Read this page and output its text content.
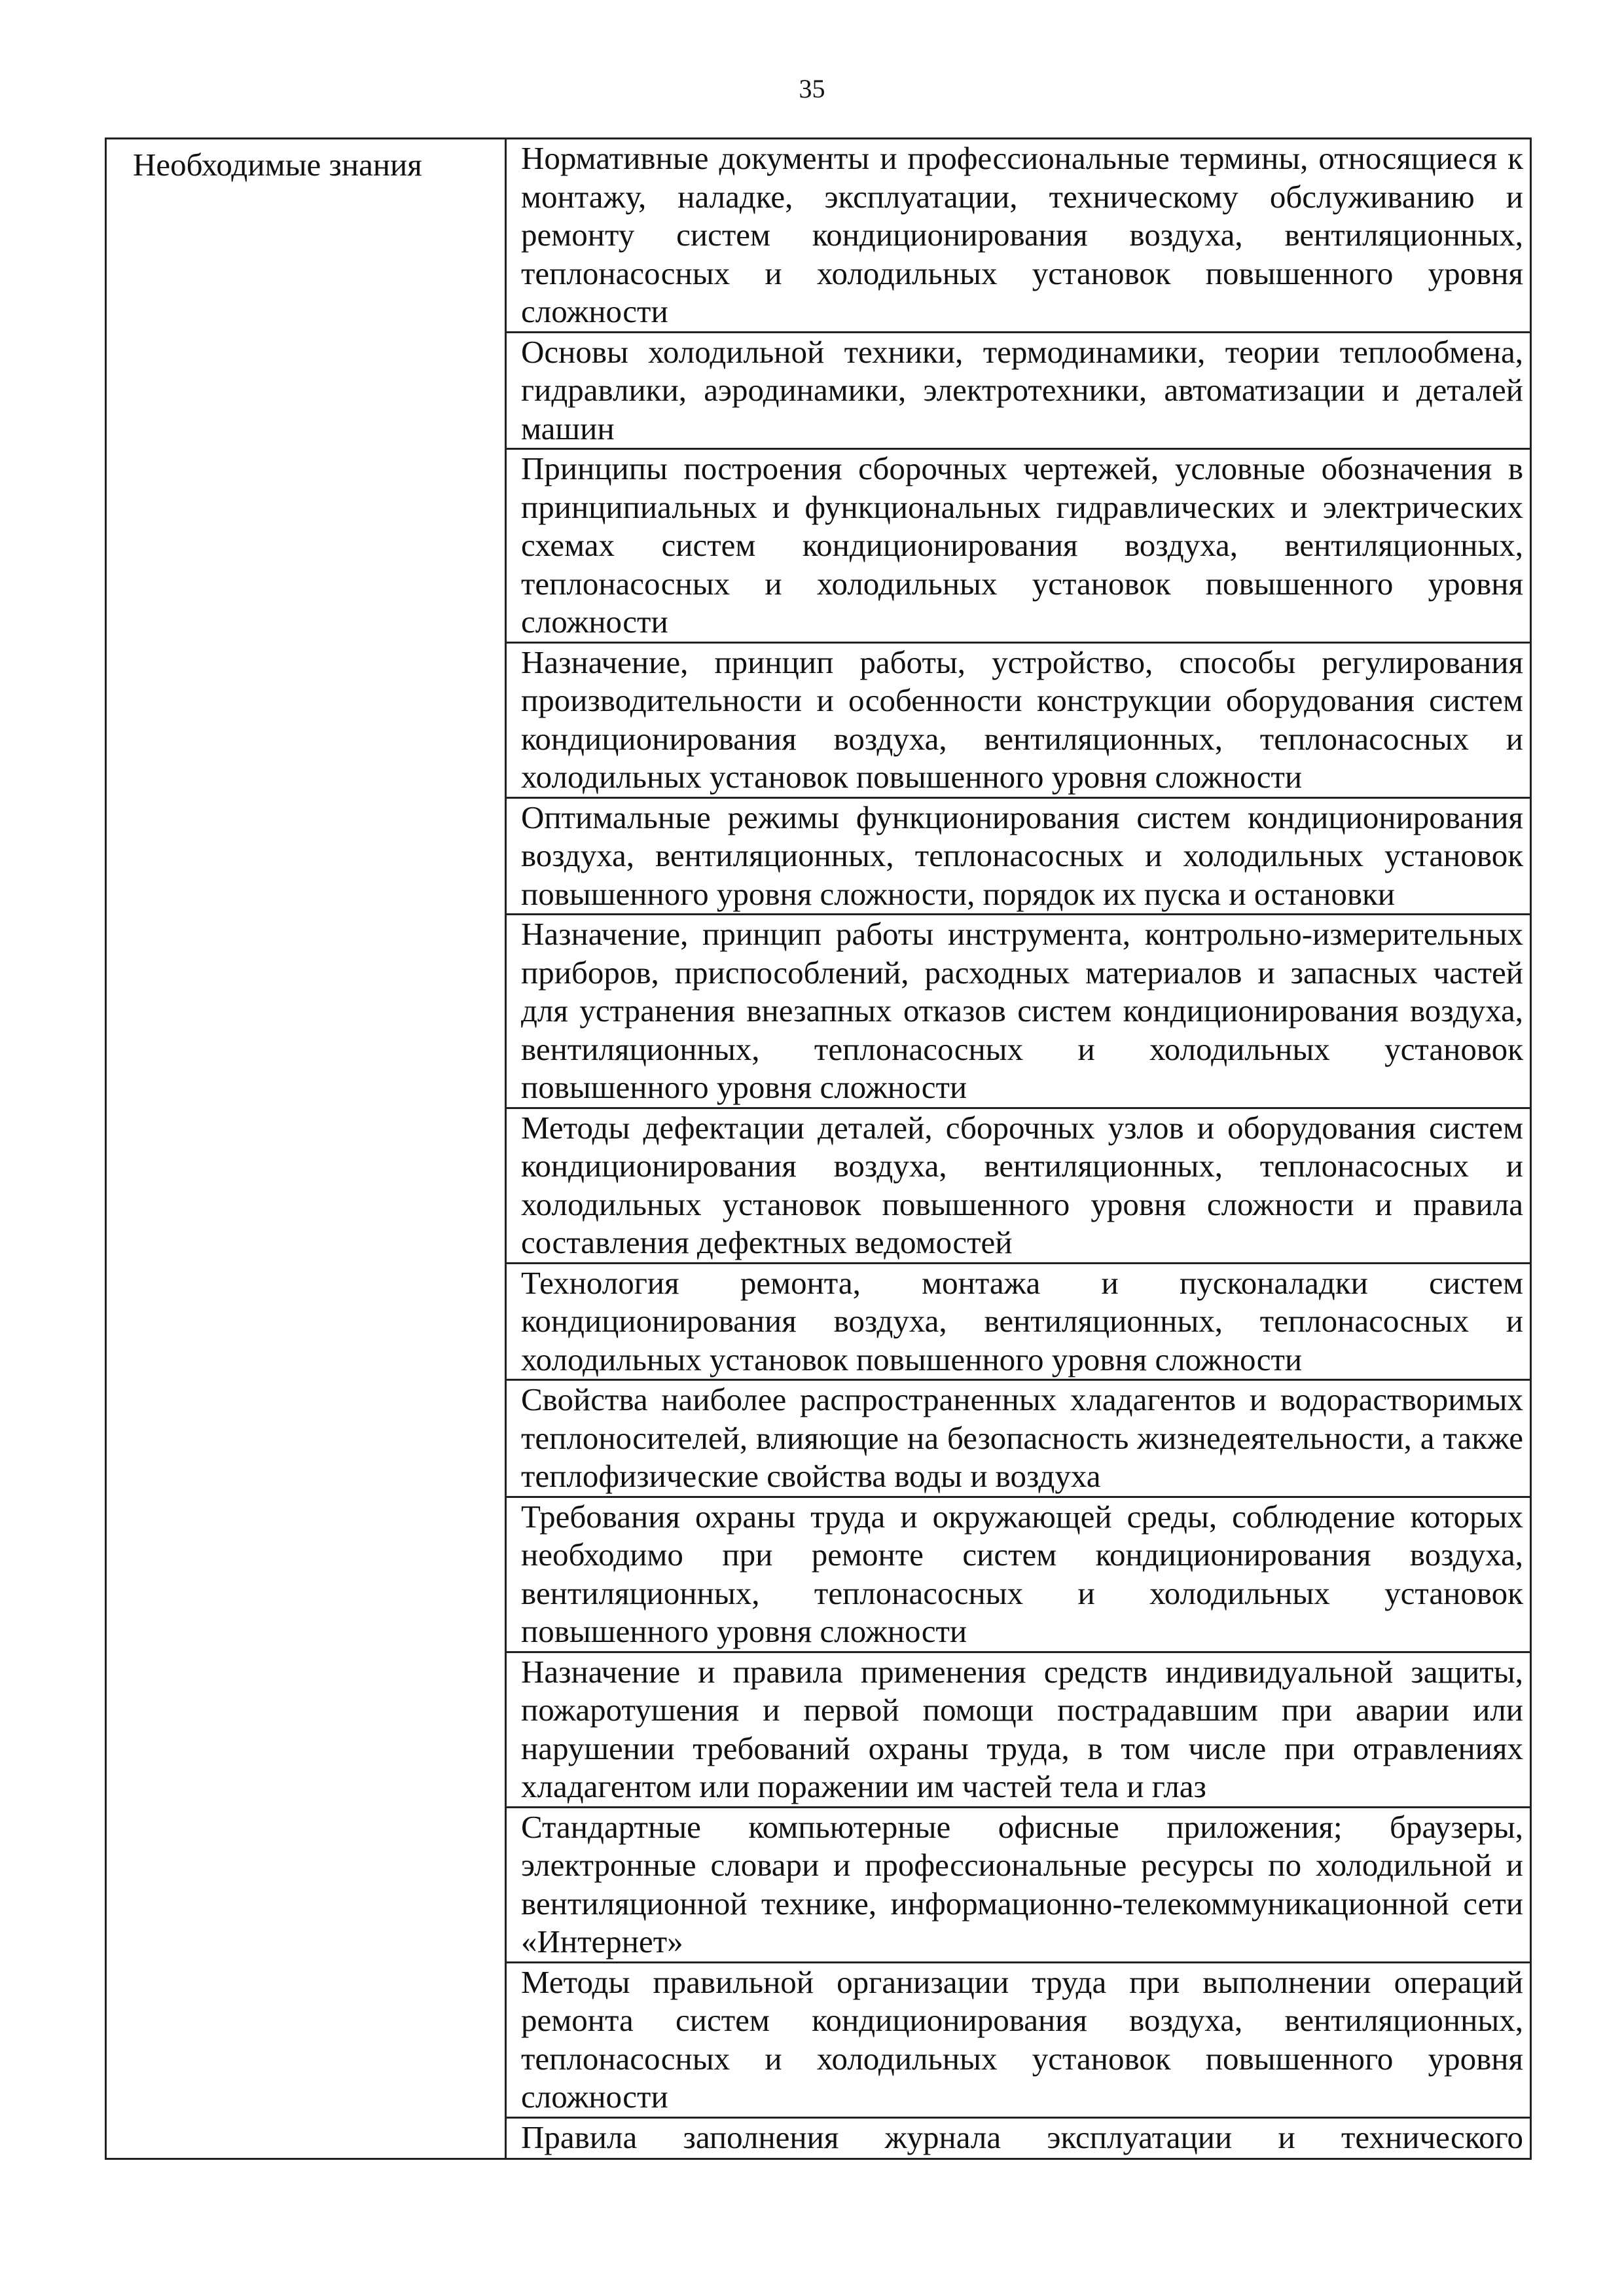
35
Необходимые знания	Нормативные документы и профессиональные термины, относящиеся к монтажу, наладке, эксплуатации, техническому обслуживанию и ремонту систем кондиционирования воздуха, вентиляционных, теплонасосных и холодильных установок повышенного уровня сложности
Основы холодильной техники, термодинамики, теории теплообмена, гидравлики, аэродинамики, электротехники, автоматизации и деталей машин
Принципы построения сборочных чертежей, условные обозначения в принципиальных и функциональных гидравлических и электрических схемах систем кондиционирования воздуха, вентиляционных, теплонасосных и холодильных установок повышенного уровня сложности
Назначение, принцип работы, устройство, способы регулирования производительности и особенности конструкции оборудования систем кондиционирования воздуха, вентиляционных, теплонасосных и холодильных установок повышенного уровня сложности
Оптимальные режимы функционирования систем кондиционирования воздуха, вентиляционных, теплонасосных и холодильных установок повышенного уровня сложности, порядок их пуска и остановки
Назначение, принцип работы инструмента, контрольно-измерительных приборов, приспособлений, расходных материалов и запасных частей для устранения внезапных отказов систем кондиционирования воздуха, вентиляционных, теплонасосных и холодильных установок повышенного уровня сложности
Методы дефектации деталей, сборочных узлов и оборудования систем кондиционирования воздуха, вентиляционных, теплонасосных и холодильных установок повышенного уровня сложности и правила составления дефектных ведомостей
Технология ремонта, монтажа и пусконаладки систем кондиционирования воздуха, вентиляционных, теплонасосных и холодильных установок повышенного уровня сложности
Свойства наиболее распространенных хладагентов и водорастворимых теплоносителей, влияющие на безопасность жизнедеятельности, а также теплофизические свойства воды и воздуха
Требования охраны труда и окружающей среды, соблюдение которых необходимо при ремонте систем кондиционирования воздуха, вентиляционных, теплонасосных и холодильных установок повышенного уровня сложности
Назначение и правила применения средств индивидуальной защиты, пожаротушения и первой помощи пострадавшим при аварии или нарушении требований охраны труда, в том числе при отравлениях хладагентом или поражении им частей тела и глаз
Стандартные компьютерные офисные приложения; браузеры, электронные словари и профессиональные ресурсы по холодильной и вентиляционной технике, информационно-телекоммуникационной сети «Интернет»
Методы правильной организации труда при выполнении операций ремонта систем кондиционирования воздуха, вентиляционных, теплонасосных и холодильных установок повышенного уровня сложности
Правила заполнения журнала эксплуатации и технического
